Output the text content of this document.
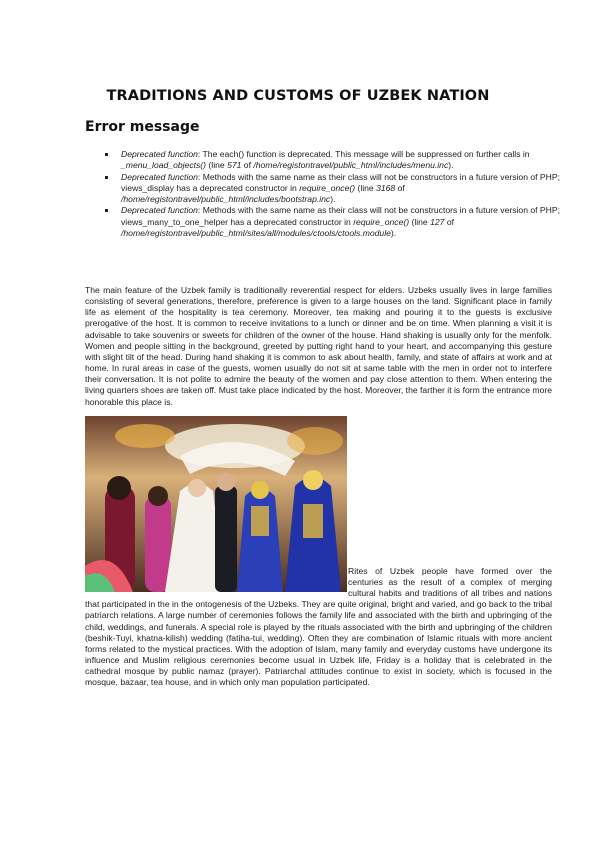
TRADITIONS AND CUSTOMS OF UZBEK NATION
Error message
Deprecated function: The each() function is deprecated. This message will be suppressed on further calls in _menu_load_objects() (line 571 of /home/registontravel/public_html/includes/menu.inc).
Deprecated function: Methods with the same name as their class will not be constructors in a future version of PHP; views_display has a deprecated constructor in require_once() (line 3168 of /home/registontravel/public_html/includes/bootstrap.inc).
Deprecated function: Methods with the same name as their class will not be constructors in a future version of PHP; views_many_to_one_helper has a deprecated constructor in require_once() (line 127 of /home/registontravel/public_html/sites/all/modules/ctools/ctools.module).

The main feature of the Uzbek family is traditionally reverential respect for elders. Uzbeks usually lives in large families consisting of several generations, therefore, preference is given to a large houses on the land. Significant place in family life as element of the hospitality is tea ceremony. Moreover, tea making and pouring it to the guests is exclusive prerogative of the host. It is common to receive invitations to a lunch or dinner and be on time. When planning a visit it is advisable to take souvenirs or sweets for children of the owner of the house. Hand shaking is usually only for the menfolk. Women and people sitting in the background, greeted by putting right hand to your heart, and accompanying this gesture with slight tilt of the head. During hand shaking it is common to ask about health, family, and state of affairs at work and at home. In rural areas in case of the guests, women usually do not sit at same table with the men in order not to interfere their conversation. It is not polite to admire the beauty of the women and pay close attention to them. When entering the living quarters shoes are taken off. Must take place indicated by the host. Moreover, the farther it is form the entrance more honorable this place is.

Rites of Uzbek people have formed over the centuries as the result of a complex of merging cultural habits and traditions of all tribes and nations that participated in the in the ontogenesis of the Uzbeks. They are quite original, bright and varied, and go back to the tribal patriarch relations. A large number of ceremonies follows the family life and associated with the birth and upbringing of the child, weddings, and funerals. A special role is played by the rituals associated with the birth and upbringing of the children (beshik-Tuyi, khatna-kilish) wedding (fatiha-tui, wedding). Often they are combination of Islamic rituals with more ancient forms related to the mystical practices. With the adoption of Islam, many family and everyday customs have undergone its influence and Muslim religious ceremonies become usual in Uzbek life, Friday is a holiday that is celebrated in the cathedral mosque by public namaz (prayer). Patriarchal attitudes continue to exist in society, which is focused in the mosque, bazaar, tea house, and in which only man population participated.
